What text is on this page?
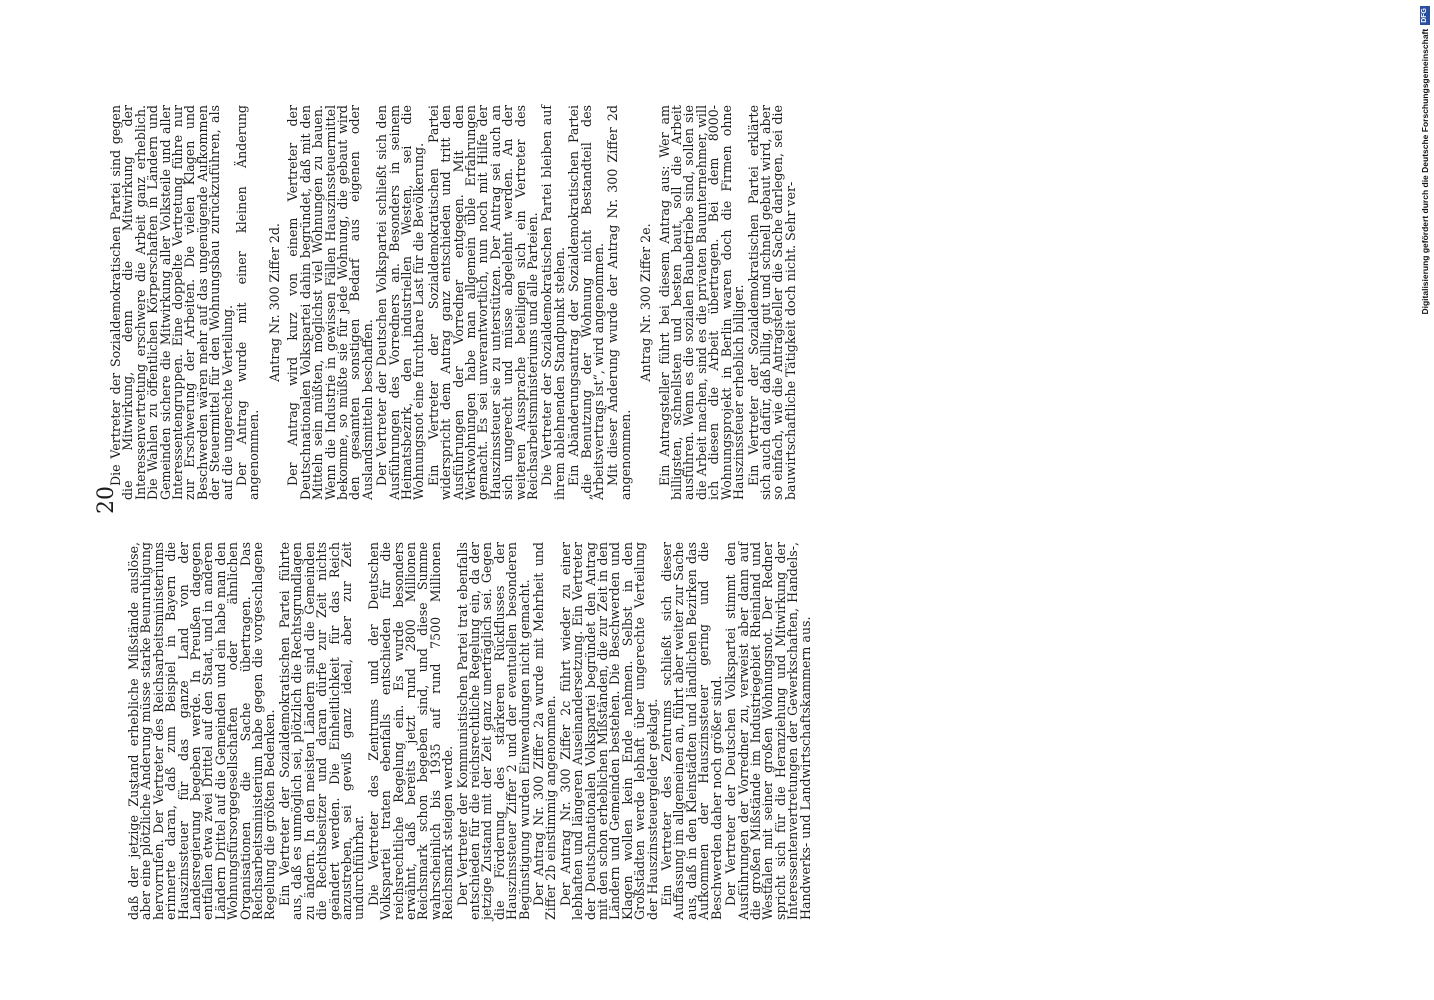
20

daß der jetzige Zustand erhebliche Mißstände auslöse, aber eine plötzliche Änderung müsse starke Beunruhigung hervorrufen. Der Vertreter des Reichsarbeitsministeriums erinnerte daran, daß zum Beispiel in Bayern die Hauszinssteuer für das ganze Land von der Landesregierung begeben werde. In Preußen dagegen entfallen etwa zwei Drittel auf den Staat, und in anderen Ländern Drittel auf die Gemeinden und ein habe man den Wohnungsfürsorgegesellschaften oder ähnlichen Organisationen die Sache übertragen. Das Reichsarbeitsministerium habe gegen die vorgeschlagene Regelung die größten Bedenken. Ein Vertreter der Sozialdemokratischen Partei führte aus, daß es unmöglich sei, plötzlich die Rechtsgrundlagen zu ändern. In den meisten Ländern sind die Gemeinden die Rechtsbesitzer und daran dürfe zur Zeit nichts geändert werden. Die Einheitlichkeit für das Reich anzustreben, sei gewiß ganz ideal, aber zur Zeit undurchführbar. Die Vertreter des Zentrums und der Deutschen Volkspartei traten ebenfalls entschieden für die reichsrechtliche Regelung ein. Es wurde besonders erwähnt, daß bereits jetzt rund 2800 Millionen Reichsmark schon begeben sind, und diese Summe wahrscheinlich bis 1935 auf rund 7500 Millionen Reichsmark steigen werde. Der Vertreter der Kommunistischen Partei trat ebenfalls entschieden für die reichsrechtliche Regelung ein, da der jetzige Zustand mit der Zeit ganz unerträglich sei. Gegen die Förderung des stärkeren Rückflusses der Hauszinssteuer Ziffer 2 und der eventuellen besonderen Begünstigung wurden Einwendungen nicht gemacht. Der Antrag Nr. 300 Ziffer 2a wurde mit Mehrheit und Ziffer 2b einstimmig angenommen. Der Antrag Nr. 300 Ziffer 2c führt wieder zu einer lebhaften und längeren Auseinandersetzung. Ein Vertreter der Deutschnationalen Volkspartei begründet den Antrag mit den schon erheblichen Mißständen, die zur Zeit in den Ländern und Gemeinden bestehen. Die Beschwerden und Klagen wollen kein Ende nehmen. Selbst in den Großstädten werde lebhaft über ungerechte Verteilung der Hauszinssteuergelder geklagt. Ein Vertreter des Zentrums schließt sich dieser Auffassung im allgemeinen an, führt aber weiter zur Sache aus, daß in den Kleinstädten und ländlichen Bezirken das Aufkommen der Hauszinssteuer gering und die Beschwerden daher noch größer sind. Der Vertreter der Deutschen Volkspartei stimmt den Ausführungen der Vorredner zu, verweist aber dann auf die großen Mißstände im Industriegebiet Rheinland und Westfalen mit seiner großen Wohnungsnot. Der Redner spricht sich für die Heranziehung und Mitwirkung der Interessentenvertretungen der Gewerkschaften, Handels-, Handwerks- und Landwirtschaftskammern aus.

Die Vertreter der Sozialdemokratischen Partei sind gegen die Mitwirkung, denn die Mitwirkung der Interessenvertretung erschwere die Arbeit ganz erheblich. Die Wahlen zu öffentlichen Körperschaften in Ländern und Gemeinden sichere die Mitwirkung aller Volksteile und aller Interessentengruppen. Eine doppelte Vertretung führe nur zur Erschwerung der Arbeiten. Die vielen Klagen und Beschwerden wären mehr auf das ungenügende Aufkommen der Steuermittel für den Wohnungsbau zurückzuführen, als auf die ungerechte Verteilung. Der Antrag wurde mit einer kleinen Änderung angenommen.

Antrag Nr. 300 Ziffer 2d. Der Antrag wird kurz von einem Vertreter der Deutschnationalen Volkspartei dahin begründet, daß mit den Mitteln sein müßten, möglichst viel Wohnungen zu bauen. Wenn die Industrie in gewissen Fällen Hauszinssteuermittel bekomme, so müßte sie für jede Wohnung, die gebaut wird den gesamten sonstigen Bedarf aus eigenen oder Auslandsmitteln beschaffen. Der Vertreter der Deutschen Volkspartei schließt sich den Ausführungen des Vorredners an. Besonders in seinem Heimatsbezirk, den industriellen Westen, sei die Wohnungsnot eine furchtbare Last für die Bevölkerung. Ein Vertreter der Sozialdemokratischen Partei widerspricht dem Antrag ganz entschieden und tritt den Ausführungen der Vorredner entgegen. Mit den Werkwohnungen habe man allgemein üble Erfahrungen gemacht. Es sei unverantwortlich, nun noch mit Hilfe der Hauszinssteuer sie zu unterstützen. Der Antrag sei auch an sich ungerecht und müsse abgelehnt werden. An der weiteren Aussprache beteiligen sich ein Vertreter des Reichsarbeitsministeriums und alle Parteien. Die Vertreter der Sozialdemokratischen Partei bleiben auf ihrem ablehnenden Standpunkt stehen. Ein Abänderungsantrag der Sozialdemokratischen Partei „die Benutzung der Wohnung nicht Bestandteil des Arbeitsvertrags ist“, wird angenommen. Mit dieser Änderung wurde der Antrag Nr. 300 Ziffer 2d angenommen.

Antrag Nr. 300 Ziffer 2e. Ein Antragsteller führt bei diesem Antrag aus: Wer am billigsten, schnellsten und besten baut, soll die Arbeit ausführen. Wenn es die sozialen Baubetriebe sind, sollen sie die Arbeit machen, sind es die privaten Bauunternehmer, will ich diesen die Arbeit übertragen. Bei dem 8000-Wohnungsprojekt in Berlin waren doch die Firmen ohne Hauszinssteuer erheblich billiger. Ein Vertreter der Sozialdemokratischen Partei erklärte sich auch dafür, daß billig, gut und schnell gebaut wird, aber so einfach, wie die Antragsteller die Sache darlegen, sei die bauwirtschaftliche Tätigkeit doch nicht. Sehr ver-

Digitalisierung gefördert durch die Deutsche Forschungsgemeinschaft
DFG
